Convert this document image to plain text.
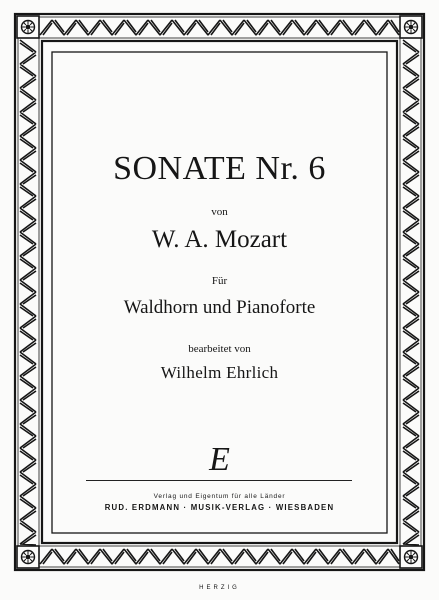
SONATE Nr. 6
von
W. A. Mozart
Für
Waldhorn und Pianoforte
bearbeitet von
Wilhelm Ehrlich
E
Verlag und Eigentum für alle Länder
RUD. ERDMANN · MUSIK-VERLAG · WIESBADEN
HERZIG
